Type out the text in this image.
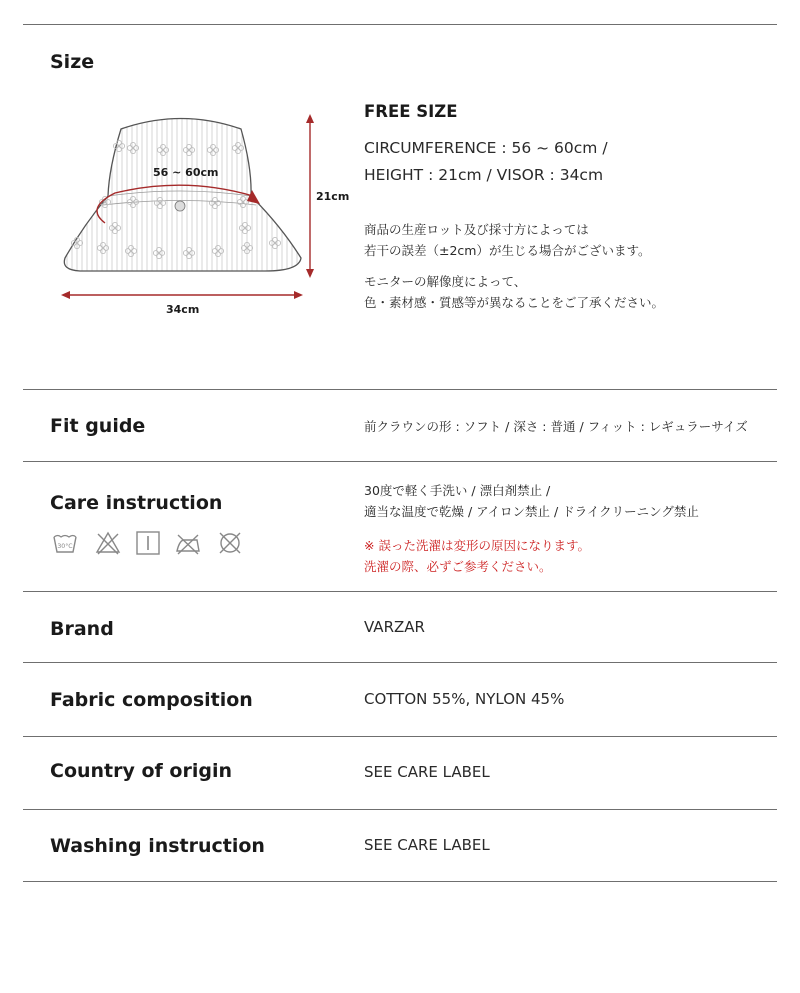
Size
56 ~ 60cm
21cm
34cm
FREE SIZE
CIRCUMFERENCE : 56 ~ 60cm /
HEIGHT : 21cm / VISOR : 34cm
商品の生産ロット及び採寸方によっては
若干の誤差（±2cm）が生じる場合がございます。
モニターの解像度によって、
色・素材感・質感等が異なることをご了承ください。
Fit guide	前クラウンの形 : ソフト / 深さ : 普通 / フィット : レギュラーサイズ
Care instruction
30度で軽く手洗い / 漂白剤禁止 /
適当な温度で乾燥 / アイロン禁止 / ドライクリーニング禁止
※ 誤った洗濯は変形の原因になります。
洗濯の際、必ずご参考ください。
30°C
Brand	VARZAR
Fabric composition	COTTON 55%, NYLON 45%
Country of origin	SEE CARE LABEL
Washing instruction	SEE CARE LABEL
